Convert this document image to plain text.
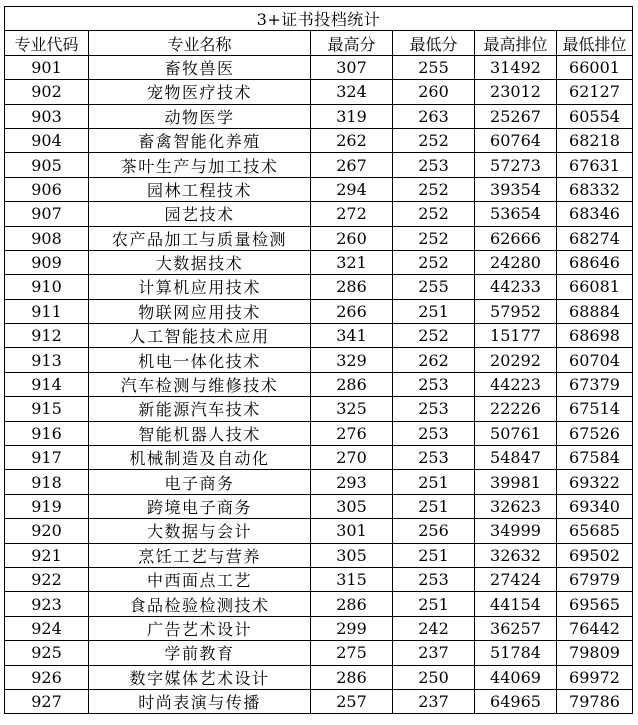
3+证书投档统计					
专业代码	专业名称	最高分	最低分	最高排位	最低排位
901	畜牧兽医	307	255	31492	66001
902	宠物医疗技术	324	260	23012	62127
903	动物医学	319	263	25267	60554
904	畜禽智能化养殖	262	252	60764	68218
905	茶叶生产与加工技术	267	253	57273	67631
906	园林工程技术	294	252	39354	68332
907	园艺技术	272	252	53654	68346
908	农产品加工与质量检测	260	252	62666	68274
909	大数据技术	321	252	24280	68646
910	计算机应用技术	286	255	44233	66081
911	物联网应用技术	266	251	57952	68884
912	人工智能技术应用	341	252	15177	68698
913	机电一体化技术	329	262	20292	60704
914	汽车检测与维修技术	286	253	44223	67379
915	新能源汽车技术	325	253	22226	67514
916	智能机器人技术	276	253	50761	67526
917	机械制造及自动化	270	253	54847	67584
918	电子商务	293	251	39981	69322
919	跨境电子商务	305	251	32623	69340
920	大数据与会计	301	256	34999	65685
921	烹饪工艺与营养	305	251	32632	69502
922	中西面点工艺	315	253	27424	67979
923	食品检验检测技术	286	251	44154	69565
924	广告艺术设计	299	242	36257	76442
925	学前教育	275	237	51784	79809
926	数字媒体艺术设计	286	250	44069	69972
927	时尚表演与传播	257	237	64965	79786
